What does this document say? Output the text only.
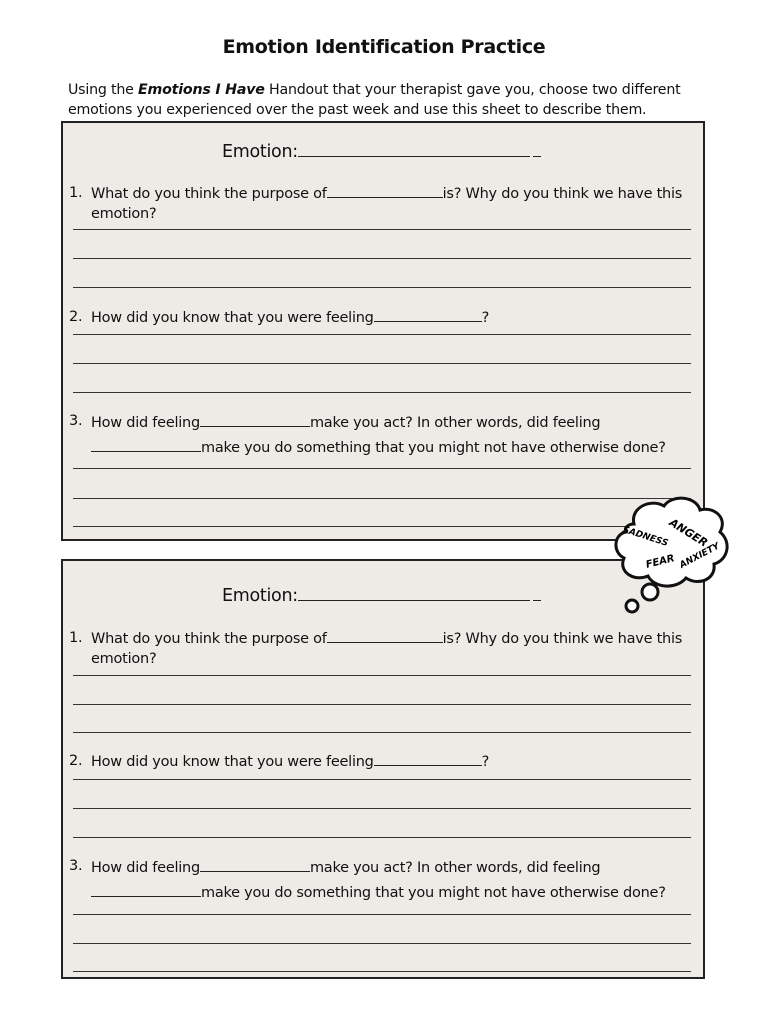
Emotion Identification Practice
Using the Emotions I Have Handout that your therapist gave you, choose two different emotions you experienced over the past week and use this sheet to describe them.
Emotion:
1. What do you think the purpose of	is? Why do you think we have this emotion?
2. How did you know that you were feeling	?
3. How did feeling	make you act? In other words, did feeling
make you do something that you might not have otherwise done?
Emotion:
1. What do you think the purpose of	is? Why do you think we have this emotion?
2. How did you know that you were feeling	?
3. How did feeling	make you act? In other words, did feeling
make you do something that you might not have otherwise done?
ANGER
SADNESS
FEAR ANXIETY
